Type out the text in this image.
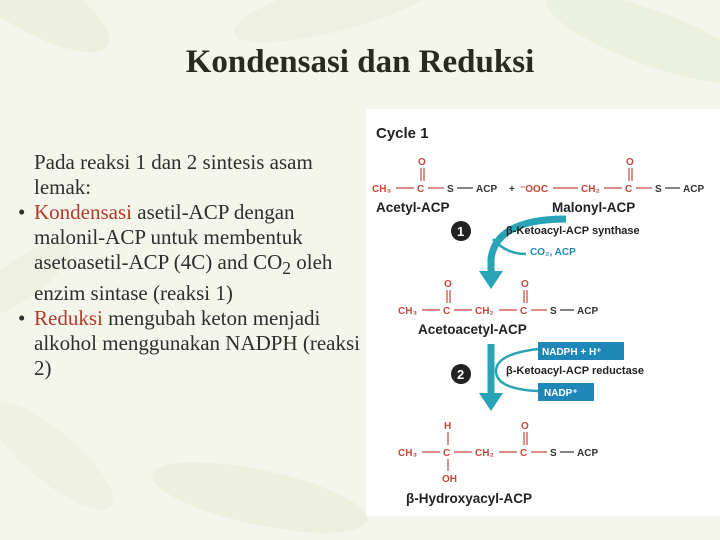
Kondensasi dan Reduksi
Pada reaksi 1 dan 2 sintesis asam lemak:
• Kondensasi asetil-ACP dengan malonil-ACP untuk membentuk asetoasetil-ACP (4C) and $CO_2$ oleh enzim sintase (reaksi 1)
• Reduksi mengubah keton menjadi alkohol menggunakan NADPH (reaksi 2)
Cycle 1
O
CH₃	C S ACP +
Acetyl-ACP
⁻OOC	CH₂
O
C S ACP
Malonyl-ACP
1	β-Ketoacyl-ACP synthase
CO₂, ACP
O
CH₃	C CH₂
O
C S ACP
Acetoacetyl-ACP
NADPH + H⁺
NADP⁺
2	β-Ketoacyl-ACP reductase
H
CH₃	C
OH
CH₂
O
C S ACP
β-Hydroxyacyl-ACP
